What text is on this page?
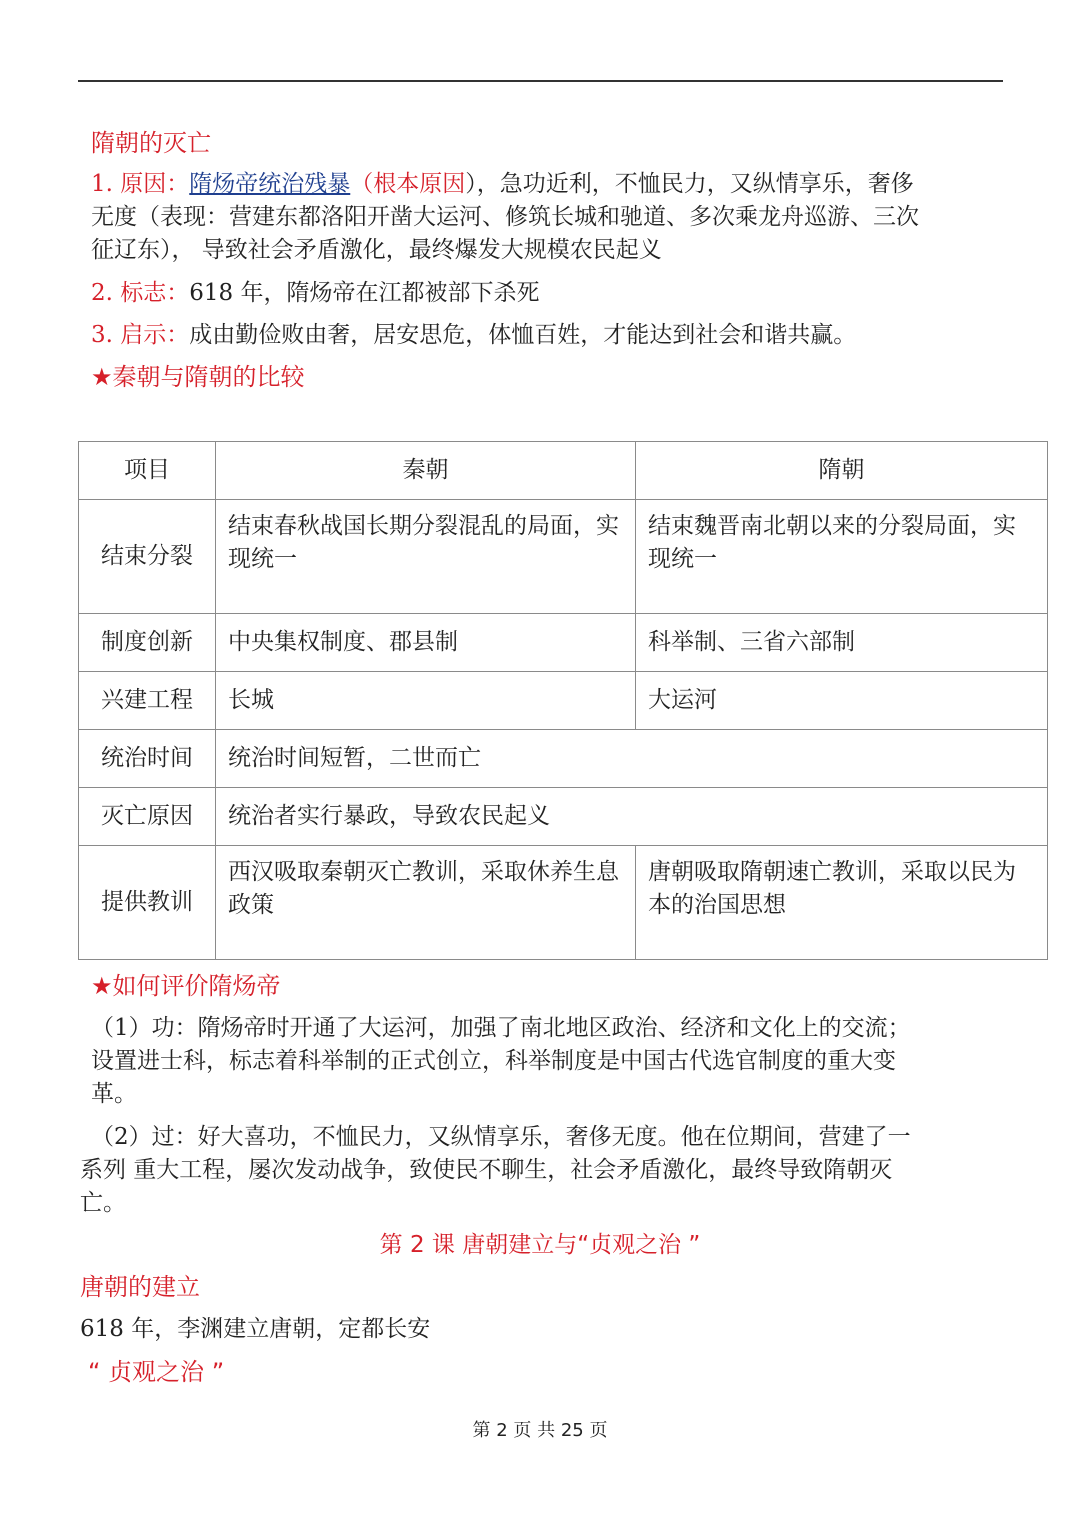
隋朝的灭亡
1. 原因：隋炀帝统治残暴（根本原因），急功近利，不恤民力，又纵情享乐，奢侈
无度（表现：营建东都洛阳开凿大运河、修筑长城和驰道、多次乘龙舟巡游、三次
征辽东）， 导致社会矛盾激化，最终爆发大规模农民起义
2. 标志：618 年，隋炀帝在江都被部下杀死
3. 启示：成由勤俭败由奢，居安思危，体恤百姓，才能达到社会和谐共赢。
★秦朝与隋朝的比较
项目	秦朝	隋朝
结束分裂	结束春秋战国长期分裂混乱的局面，实现统一	结束魏晋南北朝以来的分裂局面，实现统一
制度创新	中央集权制度、郡县制	科举制、三省六部制
兴建工程	长城	大运河
统治时间	统治时间短暂，二世而亡	
灭亡原因	统治者实行暴政，导致农民起义	
提供教训	西汉吸取秦朝灭亡教训，采取休养生息政策	唐朝吸取隋朝速亡教训，采取以民为本的治国思想
★如何评价隋炀帝
（1）功：隋炀帝时开通了大运河，加强了南北地区政治、经济和文化上的交流；
设置进士科，标志着科举制的正式创立，科举制度是中国古代选官制度的重大变
革。
（2）过：好大喜功，不恤民力，又纵情享乐，奢侈无度。他在位期间，营建了一
系列 重大工程，屡次发动战争，致使民不聊生，社会矛盾激化，最终导致隋朝灭
亡。
第 2 课 唐朝建立与“贞观之治 ”
唐朝的建立
618 年，李渊建立唐朝，定都长安
“ 贞观之治 ”
第 2 页 共 25 页
